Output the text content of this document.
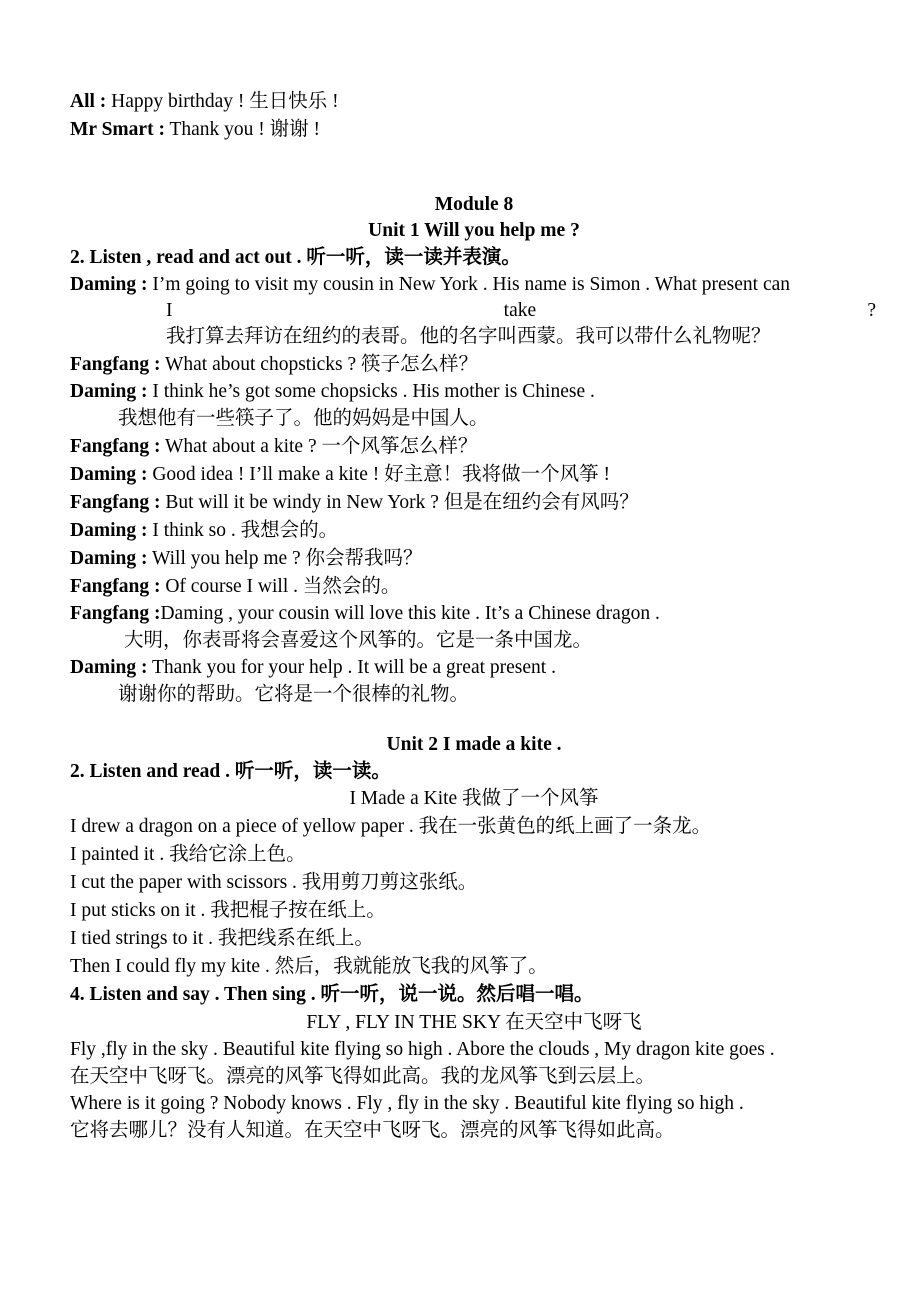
All : Happy birthday ! 生日快乐 !
Mr Smart : Thank you ! 谢谢 !
Module 8
Unit 1 Will you help me ?
2. Listen , read and act out . 听一听，读一读并表演。
Daming : I’m going to visit my cousin in New York . His name is Simon . What present can
I	take	?
我打算去拜访在纽约的表哥。他的名字叫西蒙。我可以带什么礼物呢？
Fangfang : What about chopsticks ? 筷子怎么样？
Daming : I think he’s got some chopsicks . His mother is Chinese .
我想他有一些筷子了。他的妈妈是中国人。
Fangfang : What about a kite ? 一个风筝怎么样？
Daming : Good idea ! I’ll make a kite ! 好主意！我将做一个风筝 !
Fangfang : But will it be windy in New York ? 但是在纽约会有风吗？
Daming : I think so . 我想会的。
Daming : Will you help me ? 你会帮我吗？
Fangfang : Of course I will . 当然会的。
Fangfang :Daming , your cousin will love this kite . It’s a Chinese dragon .
大明，你表哥将会喜爱这个风筝的。它是一条中国龙。
Daming : Thank you for your help . It will be a great present .
谢谢你的帮助。它将是一个很棒的礼物。
Unit 2 I made a kite .
2. Listen and read . 听一听，读一读。
I Made a Kite 我做了一个风筝
I drew a dragon on a piece of yellow paper . 我在一张黄色的纸上画了一条龙。
I painted it . 我给它涂上色。
I cut the paper with scissors . 我用剪刀剪这张纸。
I put sticks on it . 我把棍子按在纸上。
I tied strings to it . 我把线系在纸上。
Then I could fly my kite . 然后，我就能放飞我的风筝了。
4. Listen and say . Then sing . 听一听，说一说。然后唱一唱。
FLY , FLY IN THE SKY 在天空中飞呀飞
Fly ,fly in the sky . Beautiful kite flying so high . Abore the clouds , My dragon kite goes .
在天空中飞呀飞。漂亮的风筝飞得如此高。我的龙风筝飞到云层上。
Where is it going ? Nobody knows . Fly , fly in the sky . Beautiful kite flying so high .
它将去哪儿？没有人知道。在天空中飞呀飞。漂亮的风筝飞得如此高。
